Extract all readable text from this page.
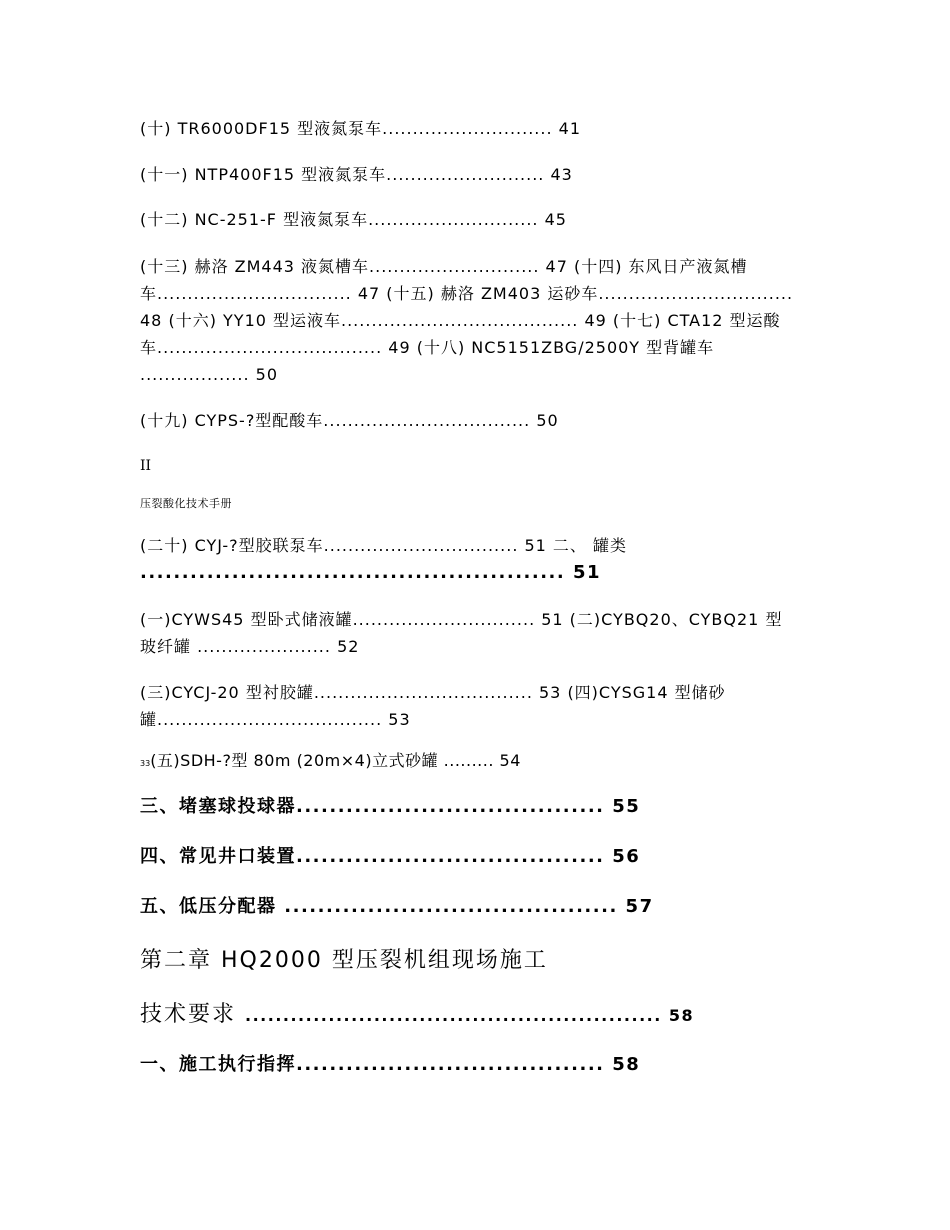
(十) TR6000DF15 型液氮泵车............................ 41
(十一) NTP400F15 型液氮泵车.......................... 43
(十二) NC-251-F 型液氮泵车............................ 45
(十三) 赫洛 ZM443 液氮槽车............................ 47 (十四) 东风日产液氮槽
车................................ 47 (十五) 赫洛 ZM403 运砂车................................
48 (十六) YY10 型运液车....................................... 49 (十七) CTA12 型运酸
车..................................... 49 (十八) NC5151ZBG/2500Y 型背罐车
.................. 50
(十九) CYPS-?型配酸车.................................. 50
II
压裂酸化技术手册
(二十) CYJ-?型胶联泵车................................ 51 二、 罐类
................................................... 51
(一)CYWS45 型卧式储液罐.............................. 51 (二)CYBQ20、CYBQ21 型
玻纤罐 ...................... 52
(三)CYCJ-20 型衬胶罐.................................... 53 (四)CYSG14 型储砂
罐..................................... 53
33(五)SDH-?型 80m (20m×4)立式砂罐 ......... 54
三、堵塞球投球器..................................... 55
四、常见井口装置..................................... 56
五、低压分配器 ........................................ 57
第二章 HQ2000 型压裂机组现场施工
技术要求 ....................................................... 58
一、施工执行指挥..................................... 58
